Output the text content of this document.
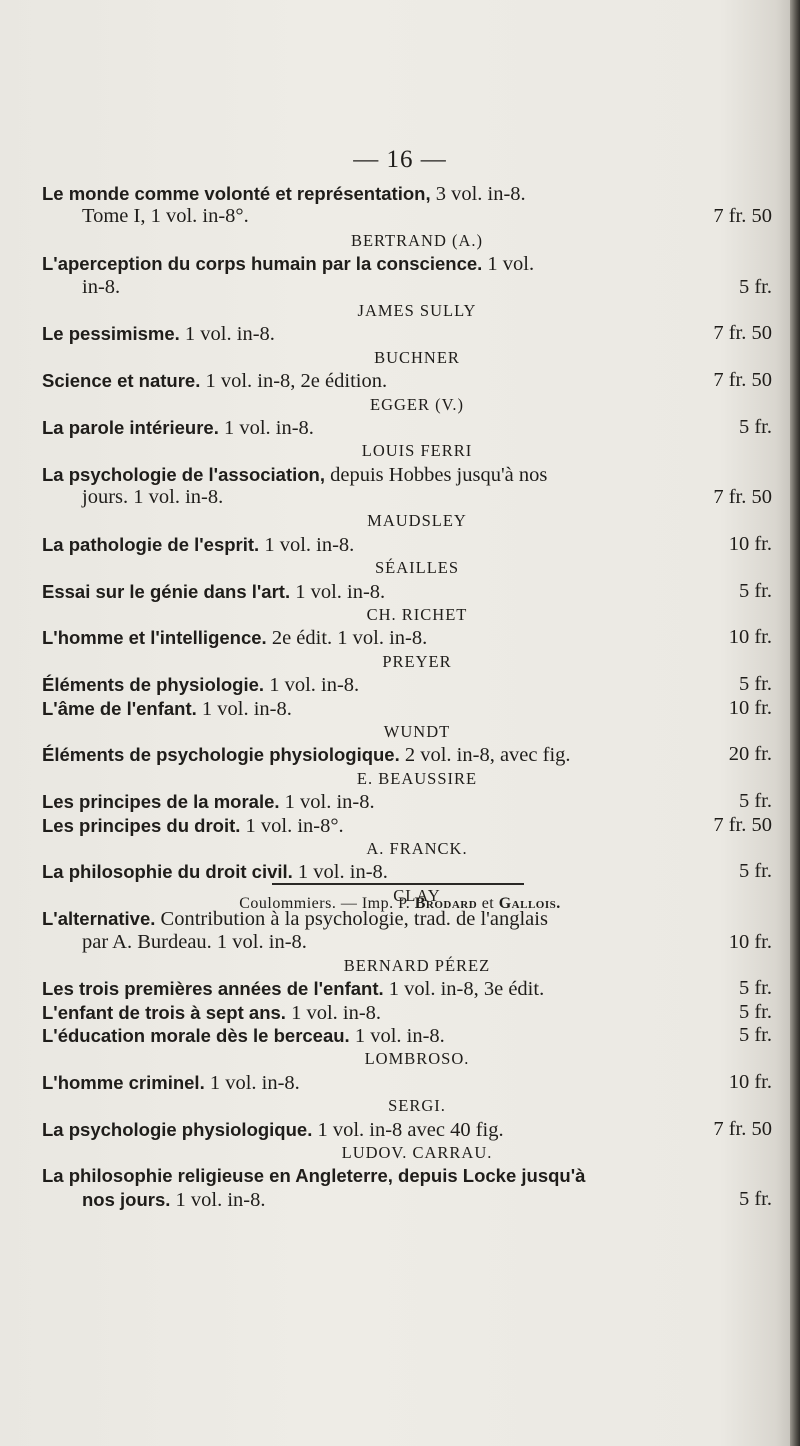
— 16 —
Le monde comme volonté et représentation, 3 vol. in-8.
Tome I, 1 vol. in-8°.	7 fr. 50
BERTRAND (A.)
L'aperception du corps humain par la conscience. 1 vol.
in-8.	5 fr.
JAMES SULLY
Le pessimisme. 1 vol. in-8.	7 fr. 50
BUCHNER
Science et nature. 1 vol. in-8, 2e édition.	7 fr. 50
EGGER (V.)
La parole intérieure. 1 vol. in-8.	5 fr.
LOUIS FERRI
La psychologie de l'association, depuis Hobbes jusqu'à nos
jours. 1 vol. in-8.	7 fr. 50
MAUDSLEY
La pathologie de l'esprit. 1 vol. in-8.	10 fr.
SÉAILLES
Essai sur le génie dans l'art. 1 vol. in-8.	5 fr.
CH. RICHET
L'homme et l'intelligence. 2e édit. 1 vol. in-8.	10 fr.
PREYER
Éléments de physiologie. 1 vol. in-8.	5 fr.
L'âme de l'enfant. 1 vol. in-8.	10 fr.
WUNDT
Éléments de psychologie physiologique. 2 vol. in-8, avec fig.	20 fr.
E. BEAUSSIRE
Les principes de la morale. 1 vol. in-8.	5 fr.
Les principes du droit. 1 vol. in-8°.	7 fr. 50
A. FRANCK.
La philosophie du droit civil. 1 vol. in-8.	5 fr.
CLAY
L'alternative. Contribution à la psychologie, trad. de l'anglais
par A. Burdeau. 1 vol. in-8.	10 fr.
BERNARD PÉREZ
Les trois premières années de l'enfant. 1 vol. in-8, 3e édit.	5 fr.
L'enfant de trois à sept ans. 1 vol. in-8.	5 fr.
L'éducation morale dès le berceau. 1 vol. in-8.	5 fr.
LOMBROSO.
L'homme criminel. 1 vol. in-8.	10 fr.
SERGI.
La psychologie physiologique. 1 vol. in-8 avec 40 fig.	7 fr. 50
LUDOV. CARRAU.
La philosophie religieuse en Angleterre, depuis Locke jusqu'à
nos jours. 1 vol. in-8.	5 fr.
Coulommiers. — Imp. P. Brodard et Gallois.
